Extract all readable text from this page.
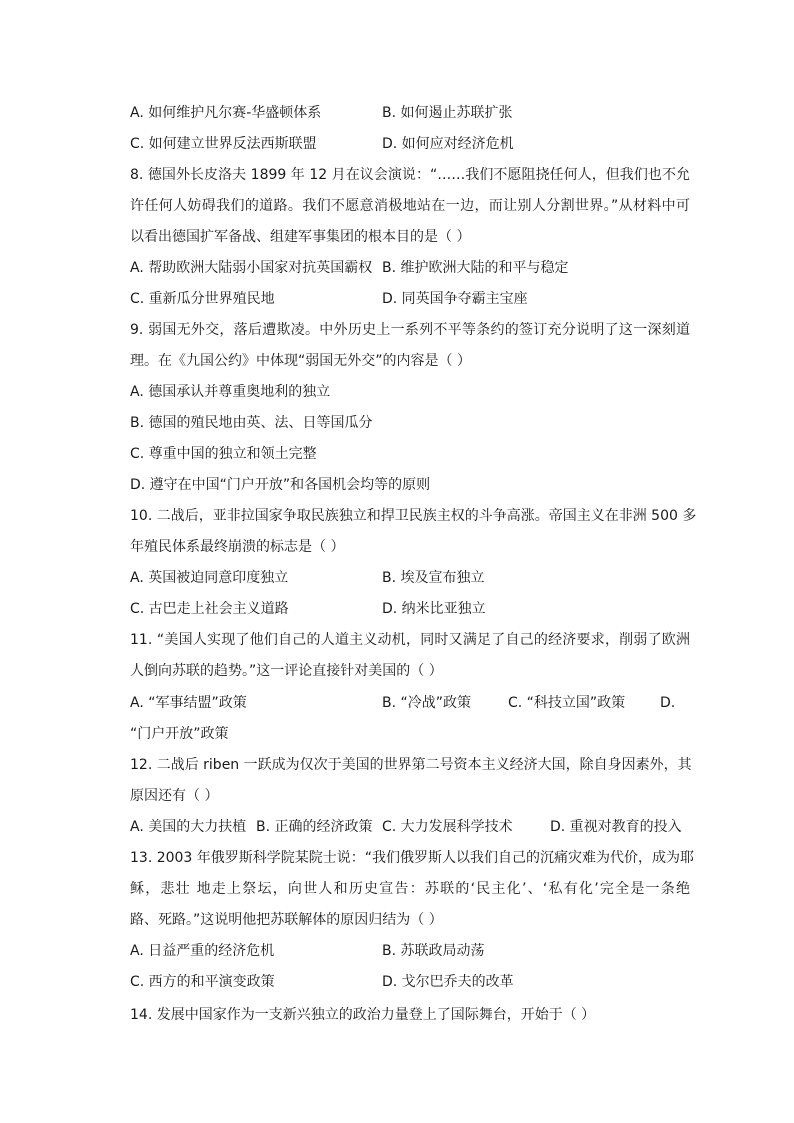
A. 如何维护凡尔赛-华盛顿体系	B. 如何遏止苏联扩张
C. 如何建立世界反法西斯联盟	D. 如何应对经济危机
8. 德国外长皮洛夫 1899 年 12 月在议会演说：“……我们不愿阻挠任何人，但我们也不允
许任何人妨碍我们的道路。我们不愿意消极地站在一边，而让别人分割世界。”从材料中可
以看出德国扩军备战、组建军事集团的根本目的是（ ）
A. 帮助欧洲大陆弱小国家对抗英国霸权 B. 维护欧洲大陆的和平与稳定
C. 重新瓜分世界殖民地	D. 同英国争夺霸主宝座
9. 弱国无外交，落后遭欺凌。中外历史上一系列不平等条约的签订充分说明了这一深刻道
理。在《九国公约》中体现“弱国无外交”的内容是（ ）
A. 德国承认并尊重奥地利的独立
B. 德国的殖民地由英、法、日等国瓜分
C. 尊重中国的独立和领土完整
D. 遵守在中国“门户开放”和各国机会均等的原则
10. 二战后，亚非拉国家争取民族独立和捍卫民族主权的斗争高涨。帝国主义在非洲 500 多
年殖民体系最终崩溃的标志是（ ）
A. 英国被迫同意印度独立	B. 埃及宣布独立
C. 古巴走上社会主义道路	D. 纳米比亚独立
11. “美国人实现了他们自己的人道主义动机，同时又满足了自己的经济要求，削弱了欧洲
人倒向苏联的趋势。”这一评论直接针对美国的（ ）
A. “军事结盟”政策	B. “冷战”政策	C. “科技立国”政策 D.
“门户开放”政策
12. 二战后 riben 一跃成为仅次于美国的世界第二号资本主义经济大国，除自身因素外，其
原因还有（ ）
A. 美国的大力扶植 B. 正确的经济政策 C. 大力发展科学技术	D. 重视对教育的投入
13. 2003 年俄罗斯科学院某院士说：“我们俄罗斯人以我们自己的沉痛灾难为代价，成为耶
稣，悲壮 地走上祭坛，向世人和历史宣告：苏联的‘民主化’、‘私有化’完全是一条绝
路、死路。”这说明他把苏联解体的原因归结为（ ）
A. 日益严重的经济危机	B. 苏联政局动荡
C. 西方的和平演变政策	D. 戈尔巴乔夫的改革
14. 发展中国家作为一支新兴独立的政治力量登上了国际舞台，开始于（ ）
